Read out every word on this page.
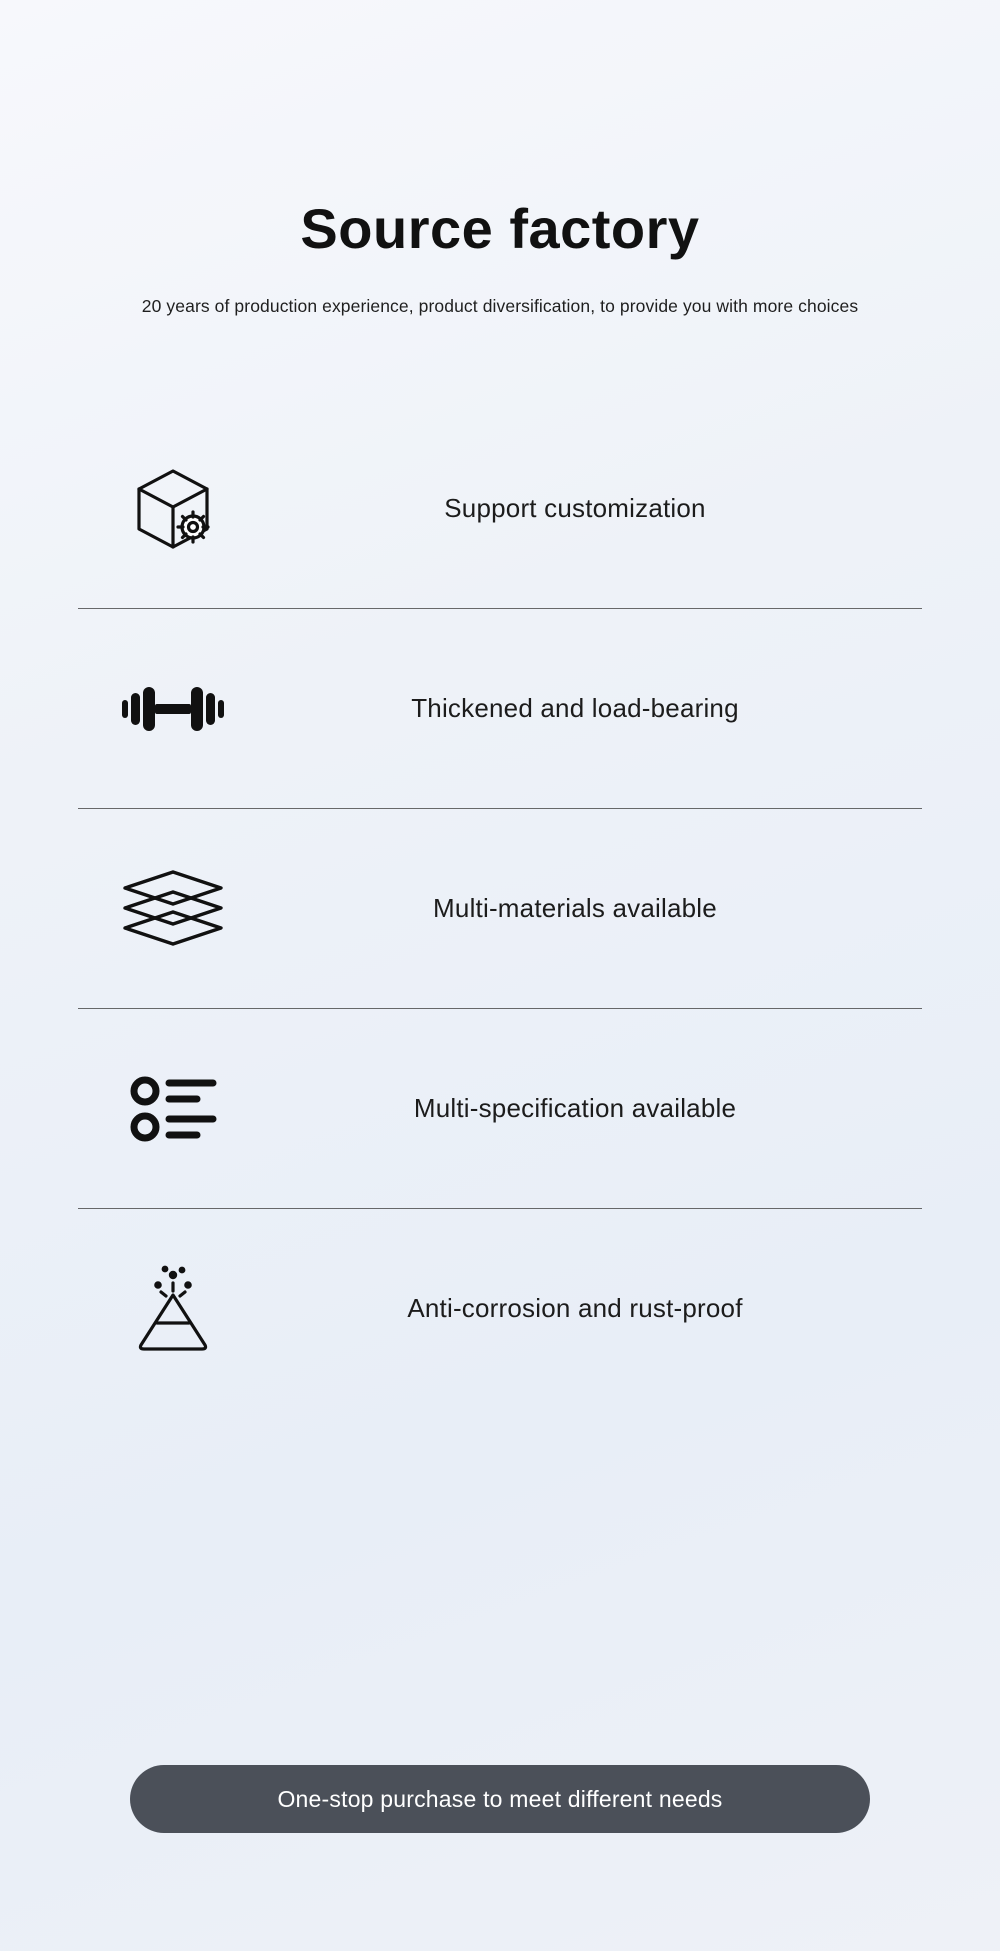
Source factory
20 years of production experience, product diversification, to provide you with more choices
Support customization
Thickened and load-bearing
Multi-materials available
Multi-specification available
Anti-corrosion and rust-proof
One-stop purchase to meet different needs
